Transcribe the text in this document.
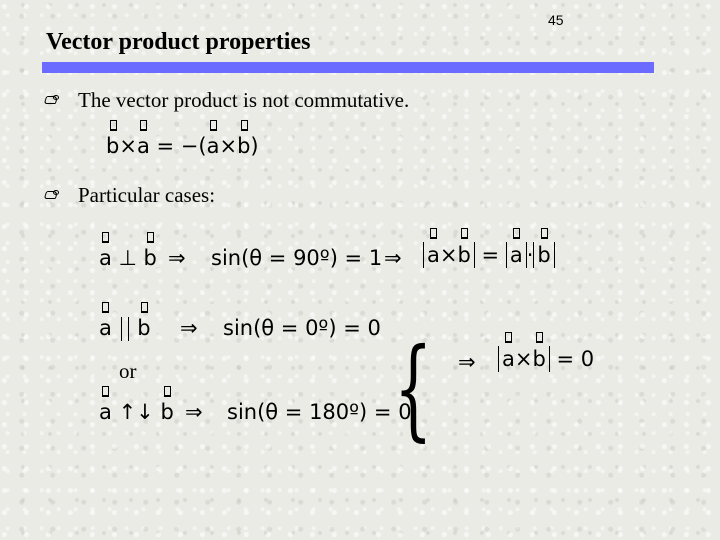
45
Vector product properties
The vector product is not commutative.
b×a = −(a×b)
Particular cases:
a ⊥ b ⇒ sin(θ = 90º) = 1 ⇒ a×b = a · b
a b ⇒ sin(θ = 0º) = 0
or
a ↑↓ b ⇒ sin(θ = 180º) = 0
{ ⇒ a×b = 0
